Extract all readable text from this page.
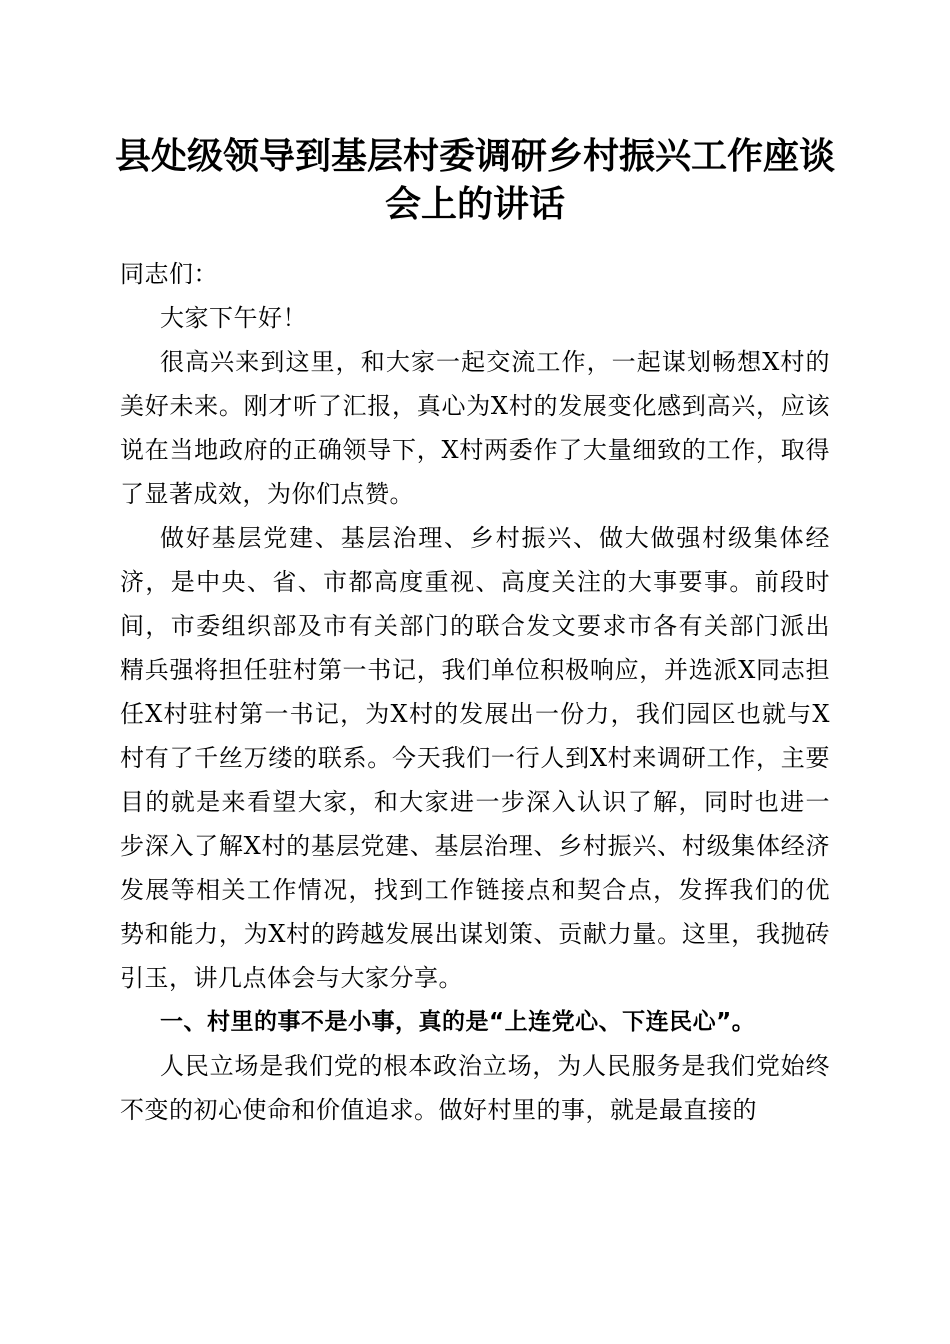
县处级领导到基层村委调研乡村振兴工作座谈
会上的讲话

同志们：

大家下午好！

很高兴来到这里，和大家一起交流工作，一起谋划畅想X村的美好未来。刚才听了汇报，真心为X村的发展变化感到高兴，应该说在当地政府的正确领导下，X村两委作了大量细致的工作，取得了显著成效，为你们点赞。

做好基层党建、基层治理、乡村振兴、做大做强村级集体经济，是中央、省、市都高度重视、高度关注的大事要事。前段时间，市委组织部及市有关部门的联合发文要求市各有关部门派出精兵强将担任驻村第一书记，我们单位积极响应，并选派X同志担任X村驻村第一书记，为X村的发展出一份力，我们园区也就与X村有了千丝万缕的联系。今天我们一行人到X村来调研工作，主要目的就是来看望大家，和大家进一步深入认识了解，同时也进一步深入了解X村的基层党建、基层治理、乡村振兴、村级集体经济发展等相关工作情况，找到工作链接点和契合点，发挥我们的优势和能力，为X村的跨越发展出谋划策、贡献力量。这里，我抛砖引玉，讲几点体会与大家分享。

一、村里的事不是小事，真的是“上连党心、下连民心”。

人民立场是我们党的根本政治立场，为人民服务是我们党始终不变的初心使命和价值追求。做好村里的事，就是最直接的
